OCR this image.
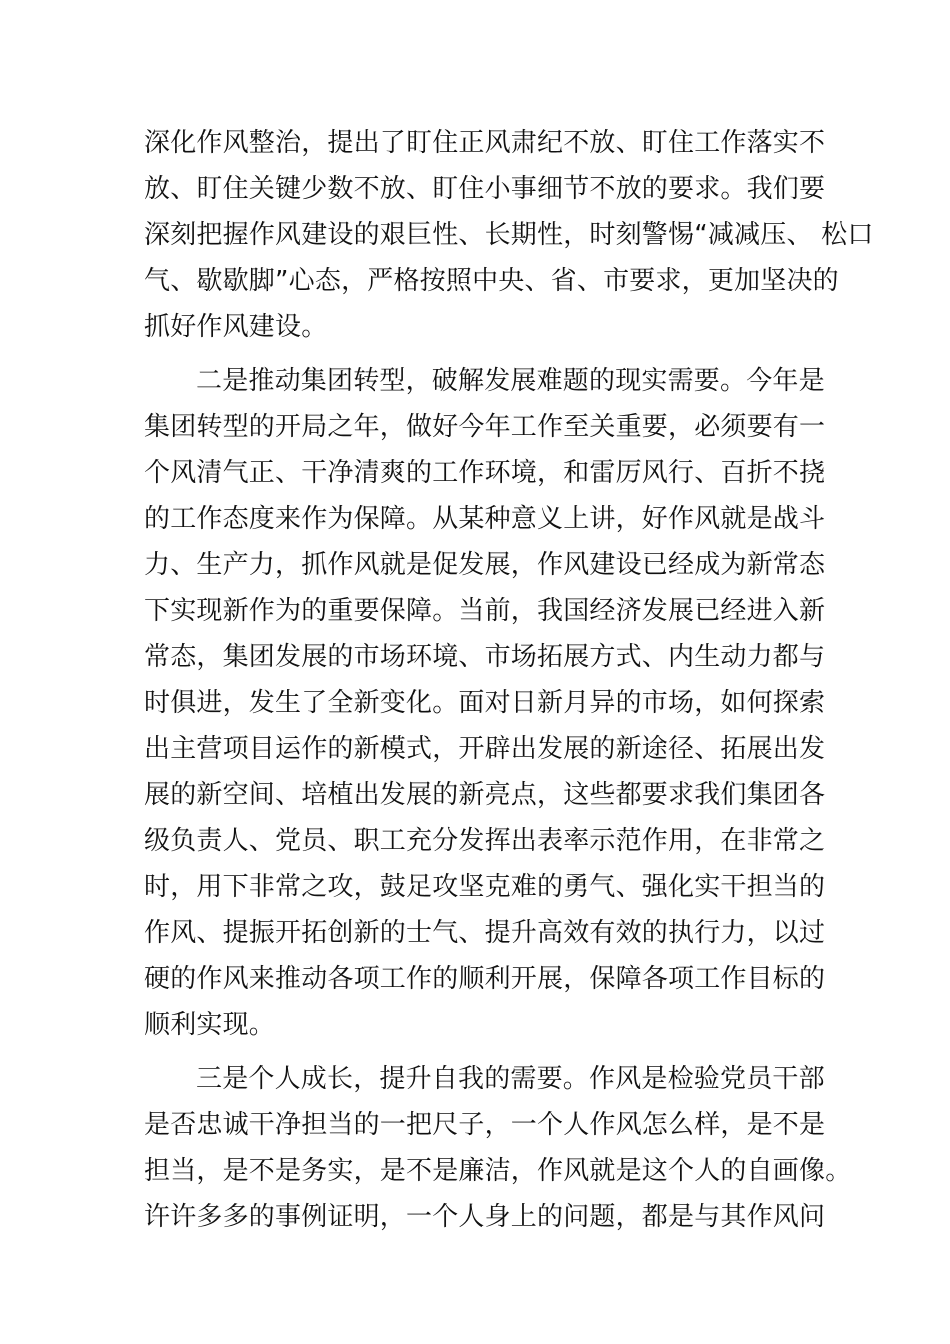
深化作风整治，提出了盯住正风肃纪不放、盯住工作落实不
放、盯住关键少数不放、盯住小事细节不放的要求。我们要
深刻把握作风建设的艰巨性、长期性，时刻警惕“减减压、 松口
气、歇歇脚”心态，严格按照中央、省、市要求，更加坚决的
抓好作风建设。
二是推动集团转型，破解发展难题的现实需要。今年是
集团转型的开局之年，做好今年工作至关重要，必须要有一
个风清气正、干净清爽的工作环境，和雷厉风行、百折不挠
的工作态度来作为保障。从某种意义上讲，好作风就是战斗
力、生产力，抓作风就是促发展，作风建设已经成为新常态
下实现新作为的重要保障。当前，我国经济发展已经进入新
常态，集团发展的市场环境、市场拓展方式、内生动力都与
时俱进，发生了全新变化。面对日新月异的市场，如何探索
出主营项目运作的新模式，开辟出发展的新途径、拓展出发
展的新空间、培植出发展的新亮点，这些都要求我们集团各
级负责人、党员、职工充分发挥出表率示范作用，在非常之
时，用下非常之攻，鼓足攻坚克难的勇气、强化实干担当的
作风、提振开拓创新的士气、提升高效有效的执行力，以过
硬的作风来推动各项工作的顺利开展，保障各项工作目标的
顺利实现。
三是个人成长，提升自我的需要。作风是检验党员干部
是否忠诚干净担当的一把尺子，一个人作风怎么样，是不是
担当，是不是务实，是不是廉洁，作风就是这个人的自画像。
许许多多的事例证明，一个人身上的问题，都是与其作风问
